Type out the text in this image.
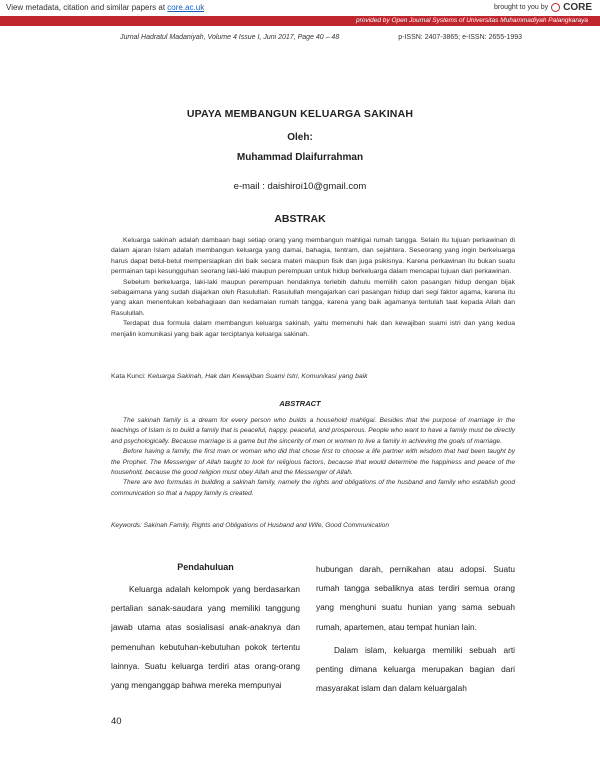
View metadata, citation and similar papers at core.ac.uk	brought to you by CORE
provided by Open Journal Systems of Universitas Muhammadiyah Palangkaraya
Jurnal Hadratul Madaniyah, Volume 4 Issue I, Juni 2017, Page 40 – 48	p-ISSN: 2407-3865; e-ISSN: 2655-1993
UPAYA MEMBANGUN KELUARGA SAKINAH
Oleh:
Muhammad Dlaifurrahman
e-mail : daishiroi10@gmail.com
ABSTRAK

Keluarga sakinah adalah dambaan bagi setiap orang yang membangun mahligai rumah tangga. Selain itu tujuan perkawinan di dalam ajaran Islam adalah membangun keluarga yang damai, bahagia, tentram, dan sejahtera. Seseorang yang ingin berkeluarga harus dapat betul-betul mempersiapkan diri baik secara materi maupun fisik dan juga psikisnya. Karena perkawinan itu bukan suatu permainan tapi kesungguhan seorang laki-laki maupun perempuan untuk hidup berkeluarga dalam mencapai tujuan dari perkawinan.

Sebelum berkeluarga, laki-laki maupun perempuan hendaknya terlebih dahulu memilih calon pasangan hidup dengan bijak sebagaimana yang sudah diajarkan oleh Rasulullah. Rasulullah mengajarkan cari pasangan hidup dari segi faktor agama, karena itu yang akan menentukan kebahagiaan dan kedamaian rumah tangga, karena yang baik agamanya tentulah taat kepada Allah dan Rasulullah.

Terdapat dua formula dalam membangun keluarga sakinah, yaitu memenuhi hak dan kewajiban suami istri dan yang kedua menjalin komunikasi yang baik agar terciptanya keluarga sakinah.

Kata Kunci: Keluarga Sakinah, Hak dan Kewajiban Suami Istri, Komunikasi yang baik
ABSTRACT

The sakinah family is a dream for every person who builds a household mahligai. Besides that the purpose of marriage in the teachings of Islam is to build a family that is peaceful, happy, peaceful, and prosperous. People who want to have a family must be directly and psychologically. Because marriage is a game but the sincerity of men or women to live a family in achieving the goals of marriage.

Before having a family, the first man or woman who did that chose first to choose a life partner with wisdom that had been taught by the Prophet. The Messenger of Allah taught to look for religious factors, because that would determine the happiness and peace of the household, because the good religion must obey Allah and the Messenger of Allah.

There are two formulas in building a sakinah family, namely the rights and obligations of the husband and family who establish good communication so that a happy family is created.

Keywords: Sakinah Family, Rights and Obligations of Husband and Wife, Good Communication
Pendahuluan

Keluarga adalah kelompok yang berdasarkan pertalian sanak-saudara yang memiliki tanggung jawab utama atas sosialisasi anak-anaknya dan pemenuhan kebutuhan-kebutuhan pokok tertentu lainnya. Suatu keluarga terdiri atas orang-orang yang menganggap bahwa mereka mempunyai

hubungan darah, pernikahan atau adopsi. Suatu rumah tangga sebaliknya atas terdiri semua orang yang menghuni suatu hunian yang sama sebuah rumah, apartemen, atau tempat hunian lain.

Dalam islam, keluarga memiliki sebuah arti penting dimana keluarga merupakan bagian dari masyarakat islam dan dalam keluargalah

40
